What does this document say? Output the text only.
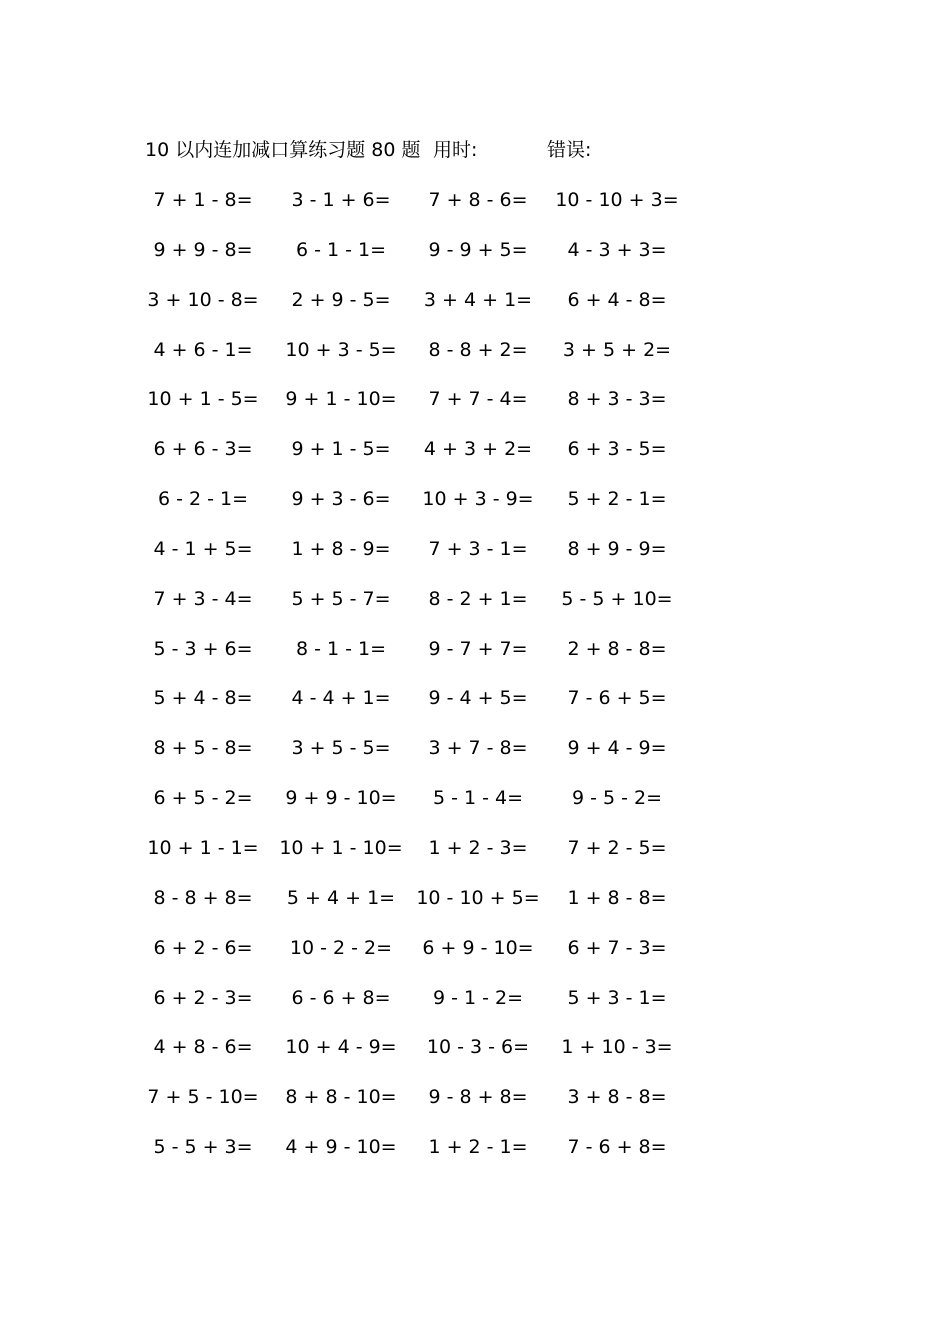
10 以内连加减口算练习题 80 题 用时:	错误:
7 + 1 - 8=	3 - 1 + 6=	7 + 8 - 6=	10 - 10 + 3=
9 + 9 - 8=	6 - 1 - 1=	9 - 9 + 5=	4 - 3 + 3=
3 + 10 - 8=	2 + 9 - 5=	3 + 4 + 1=	6 + 4 - 8=
4 + 6 - 1=	10 + 3 - 5=	8 - 8 + 2=	3 + 5 + 2=
10 + 1 - 5=	9 + 1 - 10=	7 + 7 - 4=	8 + 3 - 3=
6 + 6 - 3=	9 + 1 - 5=	4 + 3 + 2=	6 + 3 - 5=
6 - 2 - 1=	9 + 3 - 6=	10 + 3 - 9=	5 + 2 - 1=
4 - 1 + 5=	1 + 8 - 9=	7 + 3 - 1=	8 + 9 - 9=
7 + 3 - 4=	5 + 5 - 7=	8 - 2 + 1=	5 - 5 + 10=
5 - 3 + 6=	8 - 1 - 1=	9 - 7 + 7=	2 + 8 - 8=
5 + 4 - 8=	4 - 4 + 1=	9 - 4 + 5=	7 - 6 + 5=
8 + 5 - 8=	3 + 5 - 5=	3 + 7 - 8=	9 + 4 - 9=
6 + 5 - 2=	9 + 9 - 10=	5 - 1 - 4=	9 - 5 - 2=
10 + 1 - 1=	10 + 1 - 10=	1 + 2 - 3=	7 + 2 - 5=
8 - 8 + 8=	5 + 4 + 1=	10 - 10 + 5=	1 + 8 - 8=
6 + 2 - 6=	10 - 2 - 2=	6 + 9 - 10=	6 + 7 - 3=
6 + 2 - 3=	6 - 6 + 8=	9 - 1 - 2=	5 + 3 - 1=
4 + 8 - 6=	10 + 4 - 9=	10 - 3 - 6=	1 + 10 - 3=
7 + 5 - 10=	8 + 8 - 10=	9 - 8 + 8=	3 + 8 - 8=
5 - 5 + 3=	4 + 9 - 10=	1 + 2 - 1=	7 - 6 + 8=
